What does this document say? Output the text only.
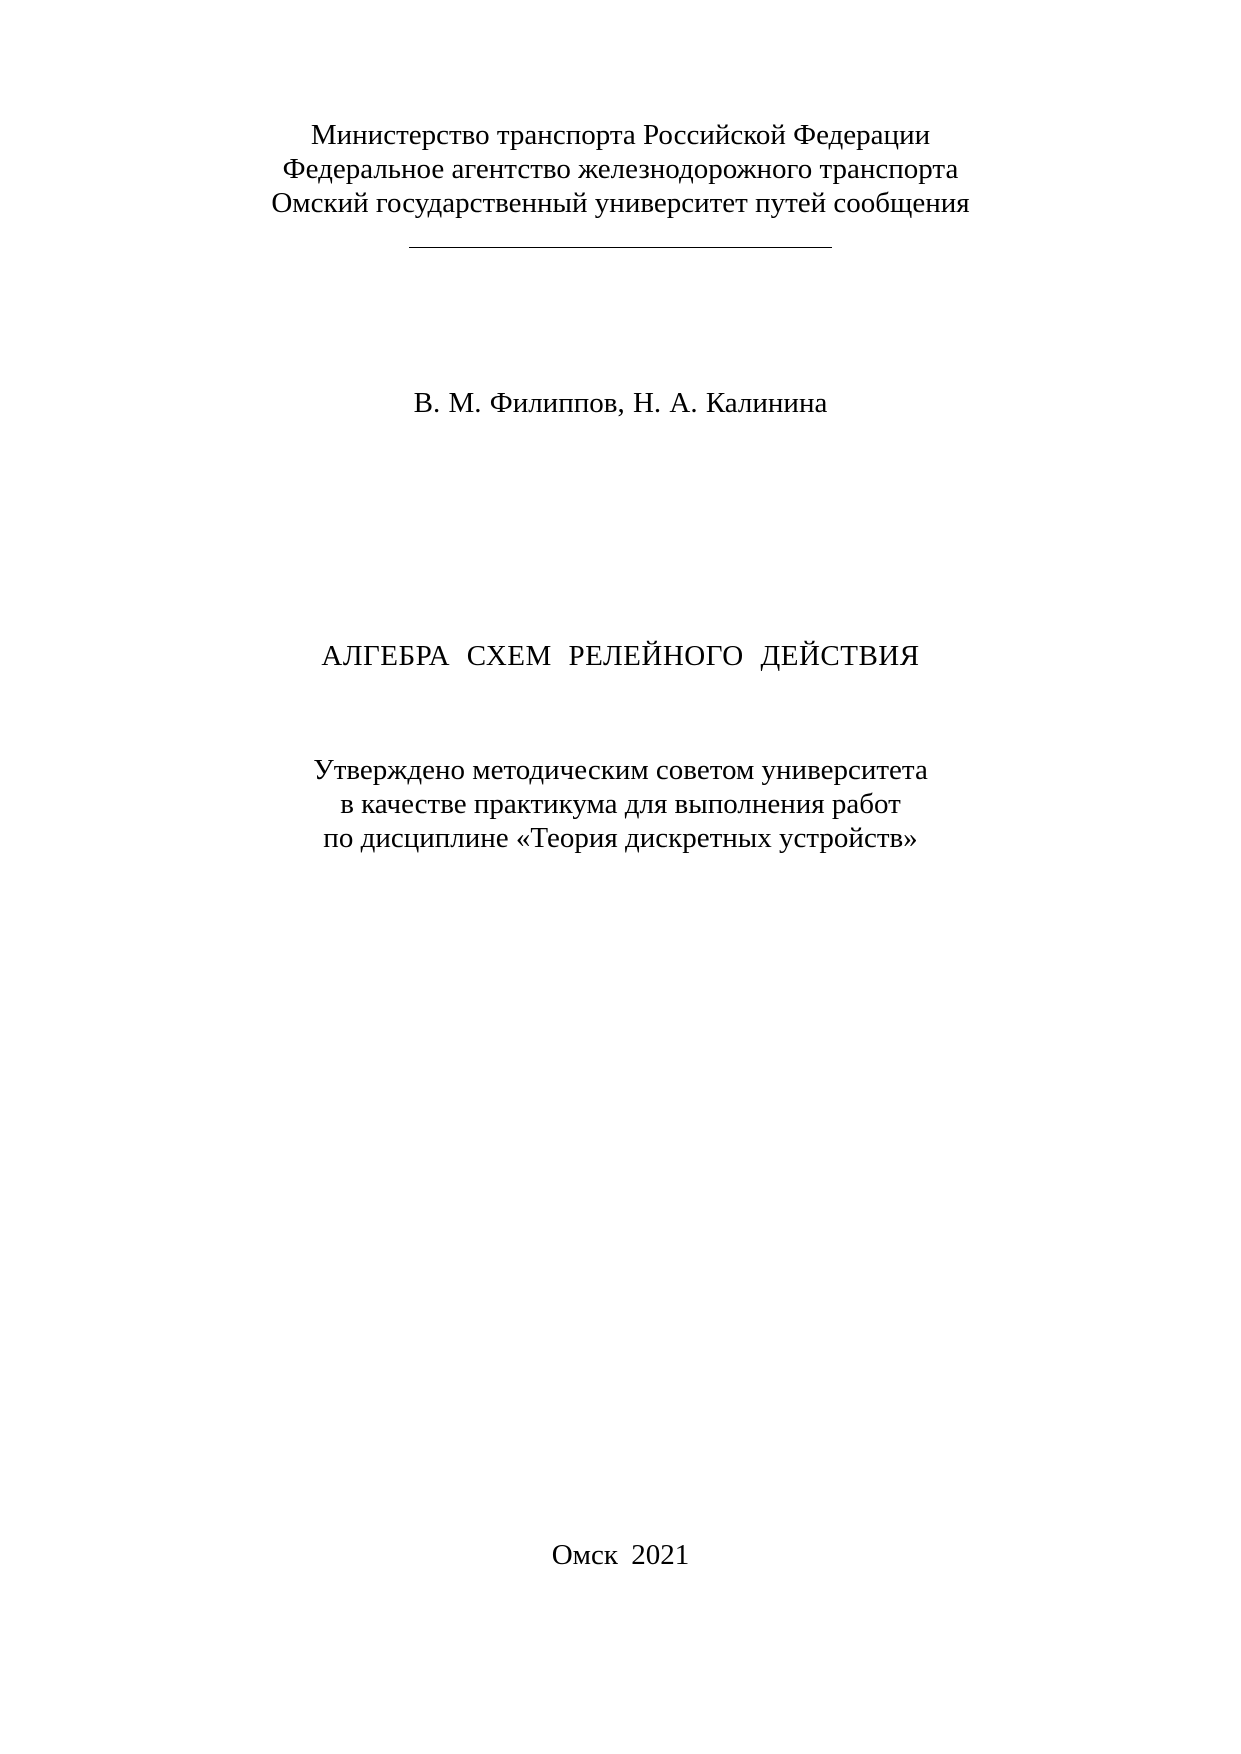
Министерство транспорта Российской Федерации
Федеральное агентство железнодорожного транспорта
Омский государственный университет путей сообщения
В. М. Филиппов, Н. А. Калинина
АЛГЕБРА СХЕМ РЕЛЕЙНОГО ДЕЙСТВИЯ
Утверждено методическим советом университета
в качестве практикума для выполнения работ
по дисциплине «Теория дискретных устройств»
Омск 2021
